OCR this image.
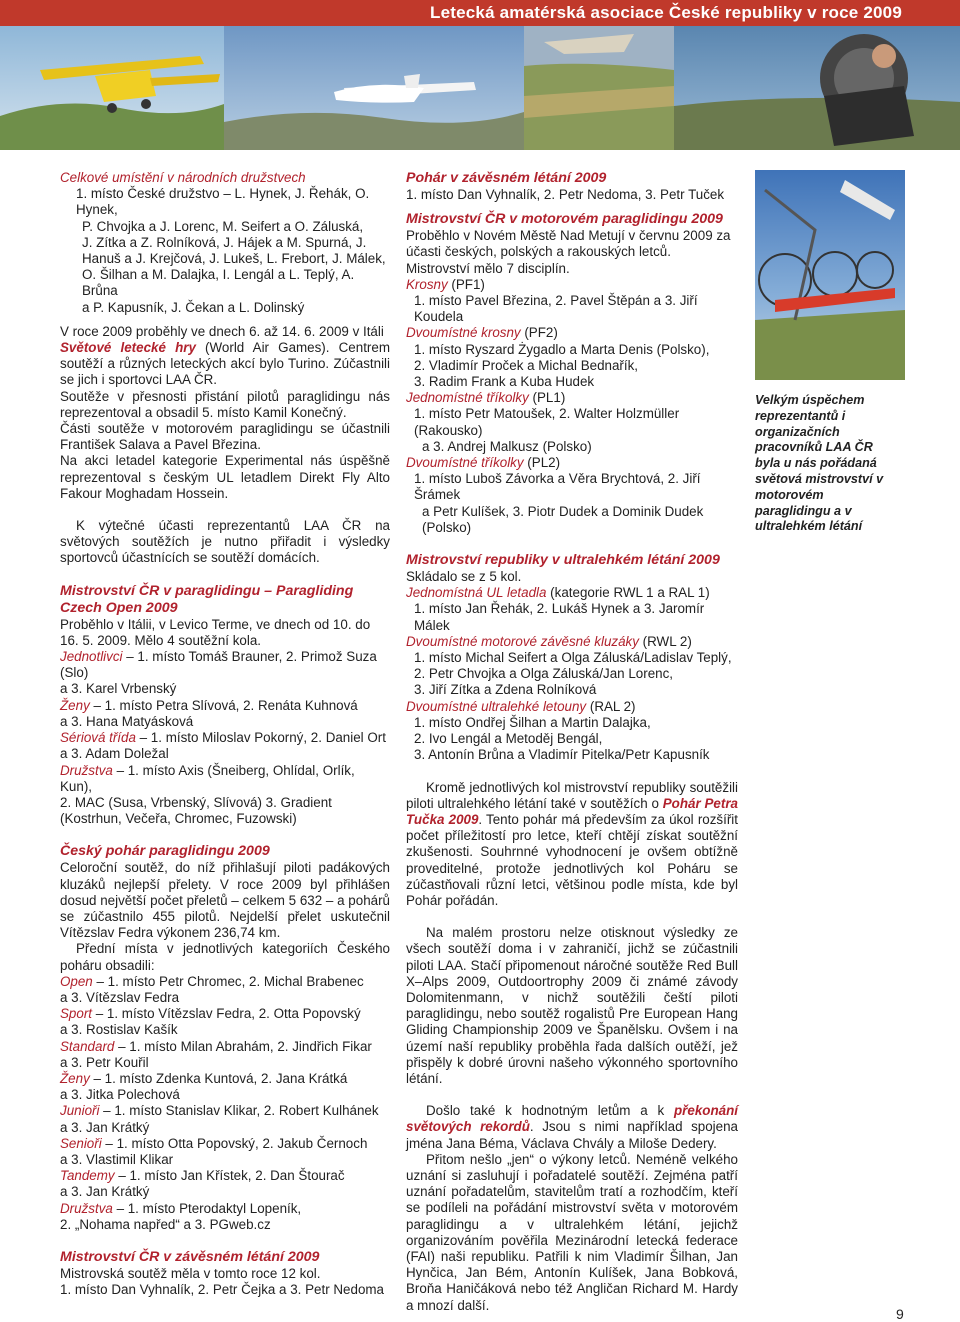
Letecká amatérská asociace České republiky v roce 2009

Celkové umístění v národních družstvech

1. místo České družstvo – L. Hynek, J. Řehák, O. Hynek,

P. Chvojka a J. Lorenc, M. Seifert a O. Záluská,

J. Zítka a Z. Rolníková, J. Hájek a M. Spurná, J.

Hanuš a J. Krejčová, J. Lukeš, L. Frebort, J. Málek,

O. Šilhan a M. Dalajka, I. Lengál a L. Teplý, A. Brůna

a P. Kapusník, J. Čekan a L. Dolinský

V roce 2009 proběhly ve dnech 6. až 14. 6. 2009 v Itáli
Světové letecké hry (World Air Games). Centrem soutěží a různých leteckých akcí bylo Turino. Zúčastnili se jich i sportovci LAA ČR.

Soutěže v přesnosti přistání pilotů paraglidingu nás reprezentoval a obsadil 5. místo Kamil Konečný.

Části soutěže v motorovém paraglidingu se účastnili František Salava a Pavel Březina.

Na akci letadel kategorie Experimental nás úspěšně reprezentoval s českým UL letadlem Direkt Fly Alto Fakour Moghadam Hossein.

K výtečné účasti reprezentantů LAA ČR na světových soutěžích je nutno přiřadit i výsledky sportovců účastnících se soutěží domácích.

Mistrovství ČR v paraglidingu – Paragliding Czech Open 2009

Proběhlo v Itálii, v Levico Terme, ve dnech od 10. do 16. 5. 2009. Mělo 4 soutěžní kola.

Jednotlivci – 1. místo Tomáš Brauner, 2. Primož Suza (Slo)
a 3. Karel Vrbenský

Ženy – 1. místo Petra Slívová, 2. Renáta Kuhnová
a 3. Hana Matyásková

Sériová třída – 1. místo Miloslav Pokorný, 2. Daniel Ort
a 3. Adam Doležal

Družstva – 1. místo Axis (Šneiberg, Ohlídal, Orlík, Kun),
2. MAC (Susa, Vrbenský, Slívová) 3. Gradient (Kostrhun, Večeřa, Chromec, Fuzowski)

Český pohár paraglidingu 2009

Celoroční soutěž, do níž přihlašují piloti padákových kluzáků nejlepší přelety. V roce 2009 byl přihlášen dosud největší počet přeletů – celkem 5 632 – a pohárů se zúčastnilo 455 pilotů. Nejdelší přelet uskutečnil Vítězslav Fedra výkonem 236,74 km.

Přední místa v jednotlivých kategoriích Českého poháru obsadili:

Open – 1. místo Petr Chromec, 2. Michal Brabenec
a 3. Vítězslav Fedra

Sport – 1. místo Vítězslav Fedra, 2. Otta Popovský
a 3. Rostislav Kašík

Standard – 1. místo Milan Abrahám, 2. Jindřich Fikar
a 3. Petr Kouřil

Ženy – 1. místo Zdenka Kuntová, 2. Jana Krátká
a 3. Jitka Polechová

Junioři – 1. místo Stanislav Klikar, 2. Robert Kulhánek
a 3. Jan Krátký

Senioři – 1. místo Otta Popovský, 2. Jakub Černoch
a 3. Vlastimil Klikar

Tandemy – 1. místo Jan Křístek, 2. Dan Štourač
a 3. Jan Krátký

Družstva – 1. místo Pterodaktyl Lopeník,
2. „Nohama napřed“ a 3. PGweb.cz

Mistrovství ČR v závěsném létání 2009

Mistrovská soutěž měla v tomto roce 12 kol.

1. místo Dan Vyhnalík, 2. Petr Čejka a 3. Petr Nedoma

Pohár v závěsném létání 2009

1. místo Dan Vyhnalík, 2. Petr Nedoma, 3. Petr Tuček

Mistrovství ČR v motorovém paraglidingu 2009

Proběhlo v Novém Městě Nad Metují v červnu 2009 za účasti českých, polských a rakouských letců. Mistrovství mělo 7 disciplín.

Krosny (PF1)

1. místo Pavel Březina, 2. Pavel Štěpán a 3. Jiří Koudela

Dvoumístné krosny (PF2)

1. místo Ryszard Żygadlo a Marta Denis (Polsko),

2. Vladimír Proček a Michal Bednařík,

3. Radim Frank a Kuba Hudek

Jednomístné tříkolky (PL1)

1. místo Petr Matoušek, 2. Walter Holzmüller (Rakousko)

a 3. Andrej Malkusz (Polsko)

Dvoumístné tříkolky (PL2)

1. místo Luboš Závorka a Věra Brychtová, 2. Jiří Šrámek

a Petr Kulíšek, 3. Piotr Dudek a Dominik Dudek (Polsko)

Mistrovství republiky v ultralehkém létání 2009

Skládalo se z 5 kol.

Jednomístná UL letadla (kategorie RWL 1 a RAL 1)

1. místo Jan Řehák, 2. Lukáš Hynek a 3. Jaromír Málek

Dvoumístné motorové závěsné kluzáky (RWL 2)

1. místo Michal Seifert a Olga Záluská/Ladislav Teplý,

2. Petr Chvojka a Olga Záluská/Jan Lorenc,

3. Jiří Zítka a Zdena Rolníková

Dvoumístné ultralehké letouny (RAL 2)

1. místo Ondřej Šilhan a Martin Dalajka,

2. Ivo Lengál a Metoděj Bengál,

3. Antonín Brůna a Vladimír Pitelka/Petr Kapusník

Kromě jednotlivých kol mistrovství republiky soutěžili piloti ultralehkého létání také v soutěžích o Pohár Petra Tučka 2009. Tento pohár má především za úkol rozšířit počet příležitostí pro letce, kteří chtějí získat soutěžní zkušenosti. Souhrnné vyhodnocení je ovšem obtížně proveditelné, protože jednotlivých kol Poháru se zúčastňovali různí letci, většinou podle místa, kde byl Pohár pořádán.

Na malém prostoru nelze otisknout výsledky ze všech soutěží doma i v zahraničí, jichž se zúčastnili piloti LAA. Stačí připomenout náročné soutěže Red Bull X–Alps 2009, Outdoortrophy 2009 či známé závody Dolomitenmann, v nichž soutěžili čeští piloti paraglidingu, nebo soutěž rogalistů Pre European Hang Gliding Championship 2009 ve Španělsku. Ovšem i na území naší republiky proběhla řada dalších outěží, jež přispěly k dobré úrovni našeho výkonného sportovního létání.

Došlo také k hodnotným letům a k překonání světových rekordů. Jsou s nimi například spojena jména Jana Béma, Václava Chvály a Miloše Dedery.

Přitom nešlo „jen“ o výkony letců. Neméně velkého uznání si zasluhují i pořadatelé soutěží. Zejména patří uznání pořadatelům, stavitelům tratí a rozhodčím, kteří se podíleli na pořádání mistrovství světa v motorovém paraglidingu a v ultralehkém létání, jejichž organizováním pověřila Mezinárodní letecká federace (FAI) naši republiku. Patřili k nim Vladimír Šilhan, Jan Hynčica, Jan Bém, Antonín Kulíšek, Jana Bobková, Broňa Haničáková nebo též Angličan Richard M. Hardy a mnozí další.

Velkým úspěchem reprezentantů i organizačních pracovníků LAA ČR byla u nás pořádaná světová mistrovství v motorovém paraglidingu a v ultralehkém létání
9
